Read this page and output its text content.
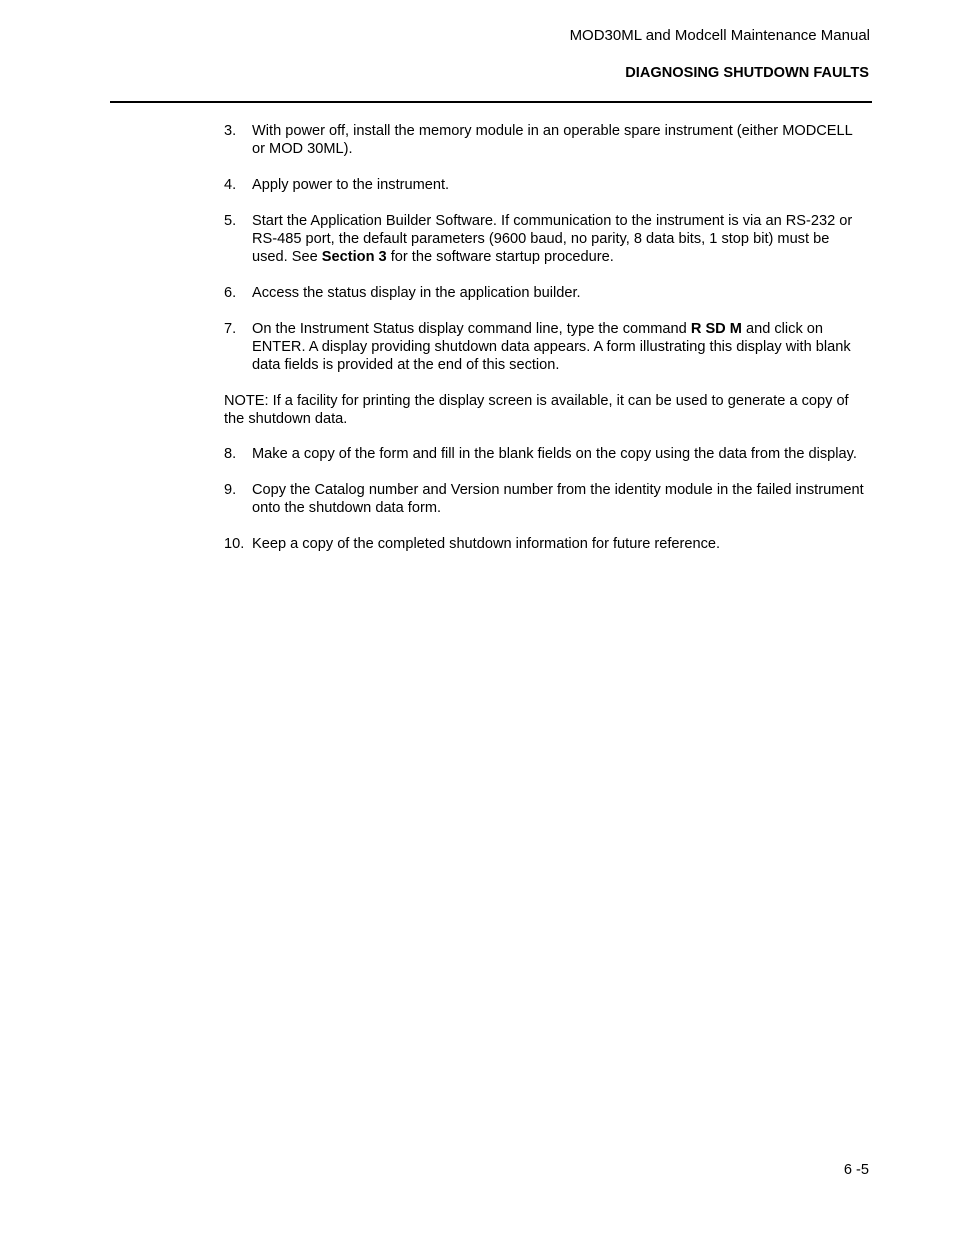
MOD30ML and Modcell Maintenance Manual
DIAGNOSING SHUTDOWN FAULTS
3.	With power off, install the memory module in an operable spare instrument (either MODCELL or MOD 30ML).
4.	Apply power to the instrument.
5.	Start the Application Builder Software. If communication to the instrument is via an RS-232 or RS-485 port, the default parameters (9600 baud, no parity, 8 data bits, 1 stop bit) must be used. See Section 3 for the software startup procedure.
6.	Access the status display in the application builder.
7.	On the Instrument Status display command line, type the command R SD M and click on ENTER. A display providing shutdown data appears. A form illustrating this display with blank data fields is provided at the end of this section.
NOTE: If a facility for printing the display screen is available, it can be used to generate a copy of the shutdown data.
8.	Make a copy of the form and fill in the blank fields on the copy using the data from the display.
9.	Copy the Catalog number and Version number from the identity module in the failed instrument onto the shutdown data form.
10. Keep a copy of the completed shutdown information for future reference.
6 -5
